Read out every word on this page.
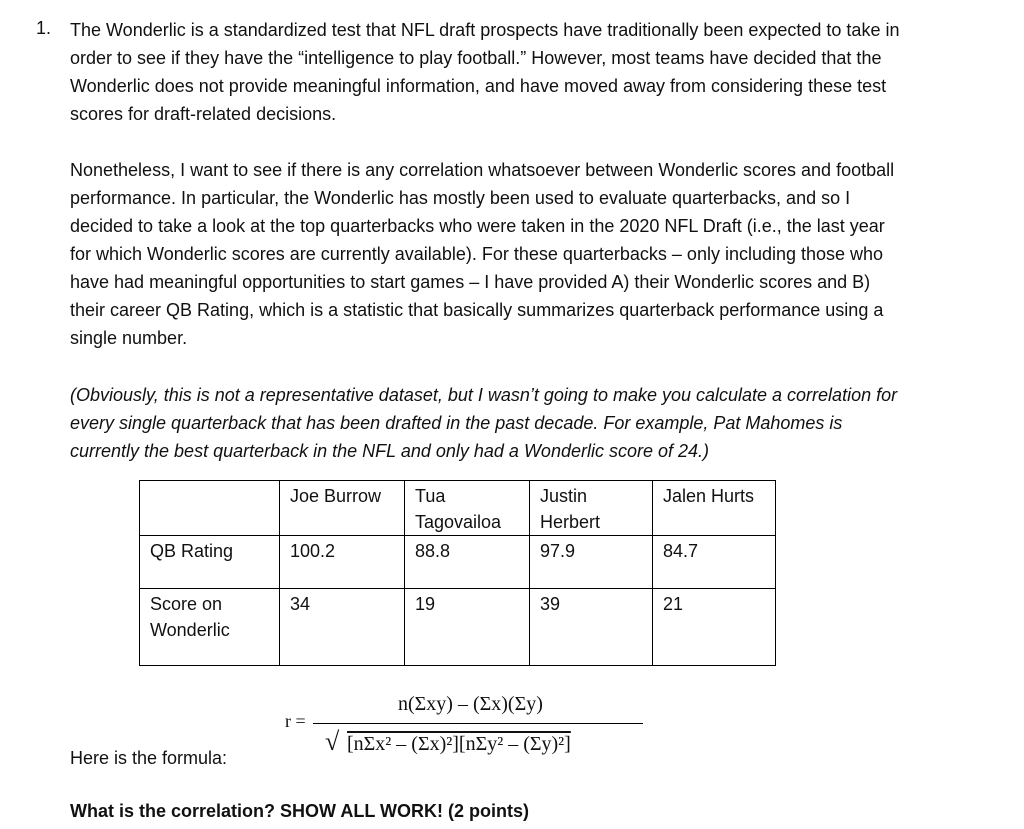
1. The Wonderlic is a standardized test that NFL draft prospects have traditionally been expected to take in order to see if they have the “intelligence to play football.” However, most teams have decided that the Wonderlic does not provide meaningful information, and have moved away from considering these test scores for draft-related decisions.

Nonetheless, I want to see if there is any correlation whatsoever between Wonderlic scores and football performance. In particular, the Wonderlic has mostly been used to evaluate quarterbacks, and so I decided to take a look at the top quarterbacks who were taken in the 2020 NFL Draft (i.e., the last year for which Wonderlic scores are currently available). For these quarterbacks – only including those who have had meaningful opportunities to start games – I have provided A) their Wonderlic scores and B) their career QB Rating, which is a statistic that basically summarizes quarterback performance using a single number.

(Obviously, this is not a representative dataset, but I wasn’t going to make you calculate a correlation for every single quarterback that has been drafted in the past decade. For example, Pat Mahomes is currently the best quarterback in the NFL and only had a Wonderlic score of 24.)

	Joe Burrow	Tua Tagovailoa	Justin Herbert	Jalen Hurts
QB Rating	100.2	88.8	97.9	84.7
Score on Wonderlic	34	19	39	21
r =
n(Σxy) – (Σx)(Σy)
√ [nΣx² – (Σx)²][nΣy² – (Σy)²]
Here is the formula:
What is the correlation? SHOW ALL WORK! (2 points)
